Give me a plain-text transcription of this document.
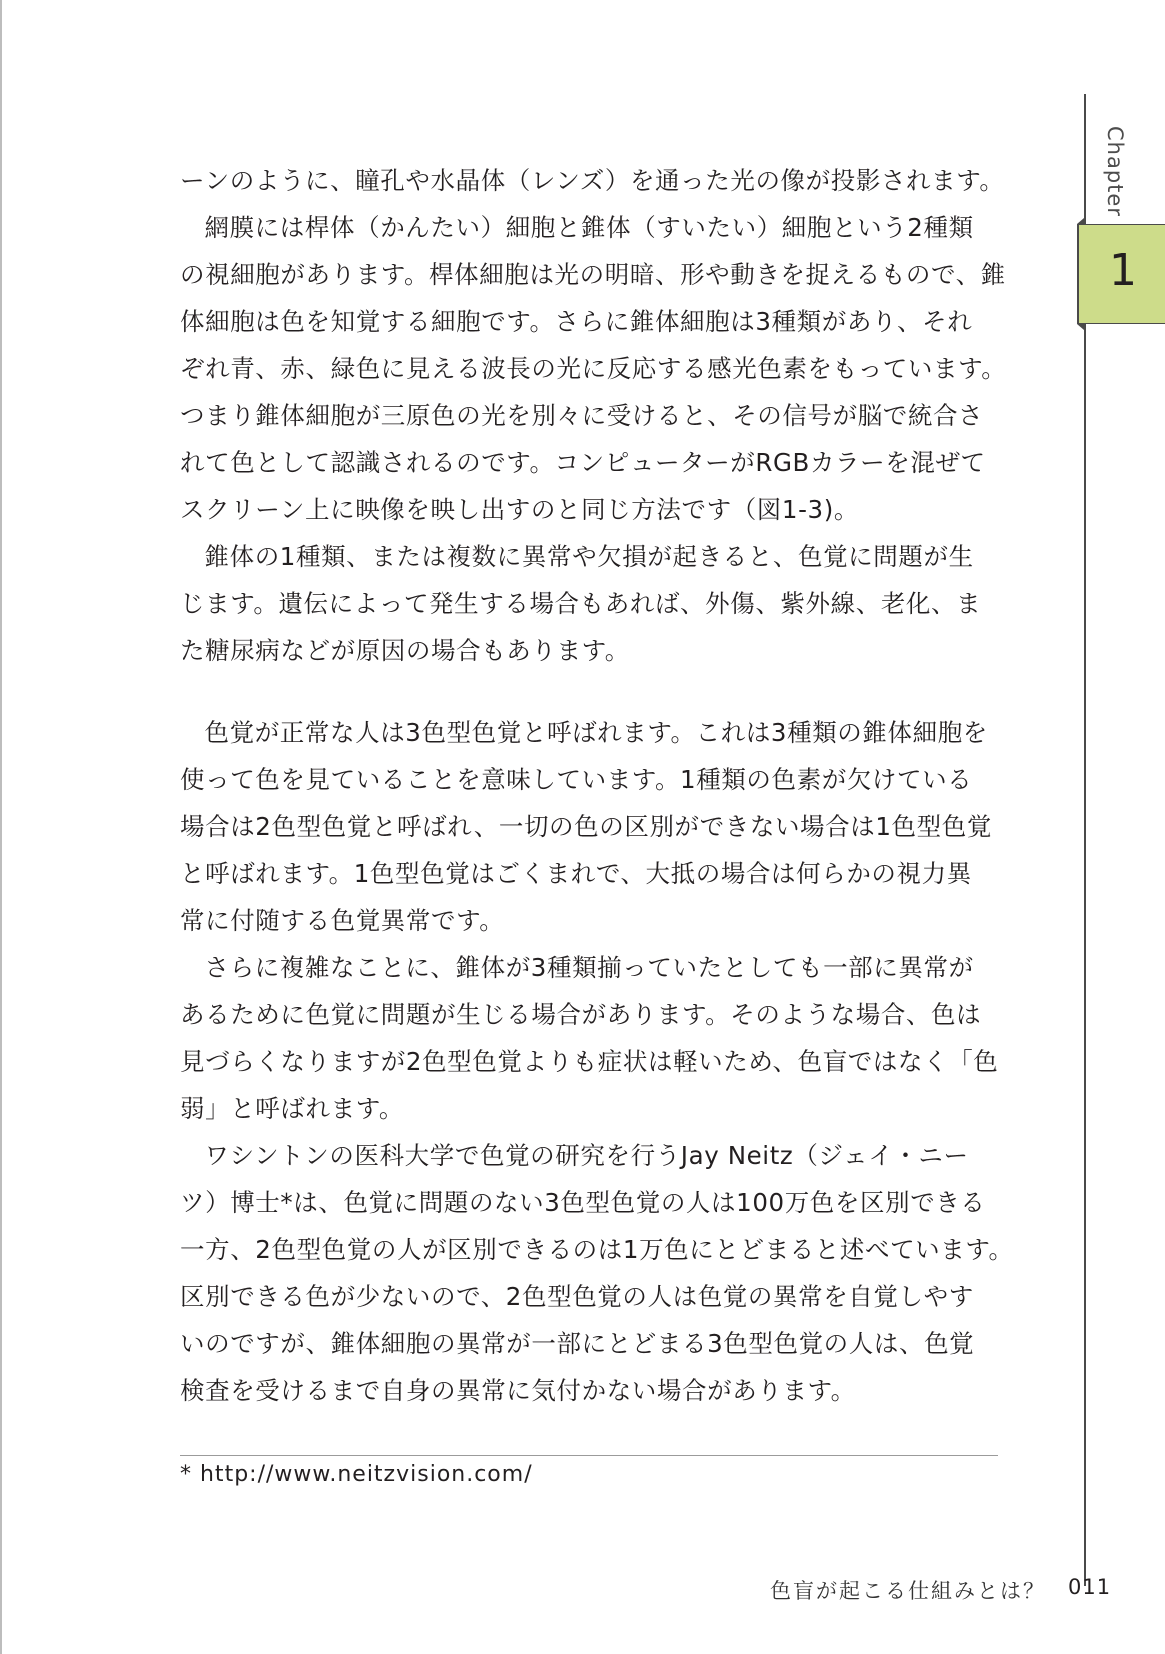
ーンのように、瞳孔や水晶体（レンズ）を通った光の像が投影されます。
網膜には桿体（かんたい）細胞と錐体（すいたい）細胞という2種類
の視細胞があります。桿体細胞は光の明暗、形や動きを捉えるもので、錐
体細胞は色を知覚する細胞です。さらに錐体細胞は3種類があり、それ
ぞれ青、赤、緑色に見える波長の光に反応する感光色素をもっています。
つまり錐体細胞が三原色の光を別々に受けると、その信号が脳で統合さ
れて色として認識されるのです。コンピューターがRGBカラーを混ぜて
スクリーン上に映像を映し出すのと同じ方法です（図1-3)。
錐体の1種類、または複数に異常や欠損が起きると、色覚に問題が生
じます。遺伝によって発生する場合もあれば、外傷、紫外線、老化、ま
た糖尿病などが原因の場合もあります。
色覚が正常な人は3色型色覚と呼ばれます。これは3種類の錐体細胞を
使って色を見ていることを意味しています。1種類の色素が欠けている
場合は2色型色覚と呼ばれ、一切の色の区別ができない場合は1色型色覚
と呼ばれます。1色型色覚はごくまれで、大抵の場合は何らかの視力異
常に付随する色覚異常です。
さらに複雑なことに、錐体が3種類揃っていたとしても一部に異常が
あるために色覚に問題が生じる場合があります。そのような場合、色は
見づらくなりますが2色型色覚よりも症状は軽いため、色盲ではなく「色
弱」と呼ばれます。
ワシントンの医科大学で色覚の研究を行うJay Neitz（ジェイ・ニー
ツ）博士*は、色覚に問題のない3色型色覚の人は100万色を区別できる
一方、2色型色覚の人が区別できるのは1万色にとどまると述べています。
区別できる色が少ないので、2色型色覚の人は色覚の異常を自覚しやす
いのですが、錐体細胞の異常が一部にとどまる3色型色覚の人は、色覚
検査を受けるまで自身の異常に気付かない場合があります。
* http://www.neitzvision.com/
Chapter
1
色盲が起こる仕組みとは？ 011
